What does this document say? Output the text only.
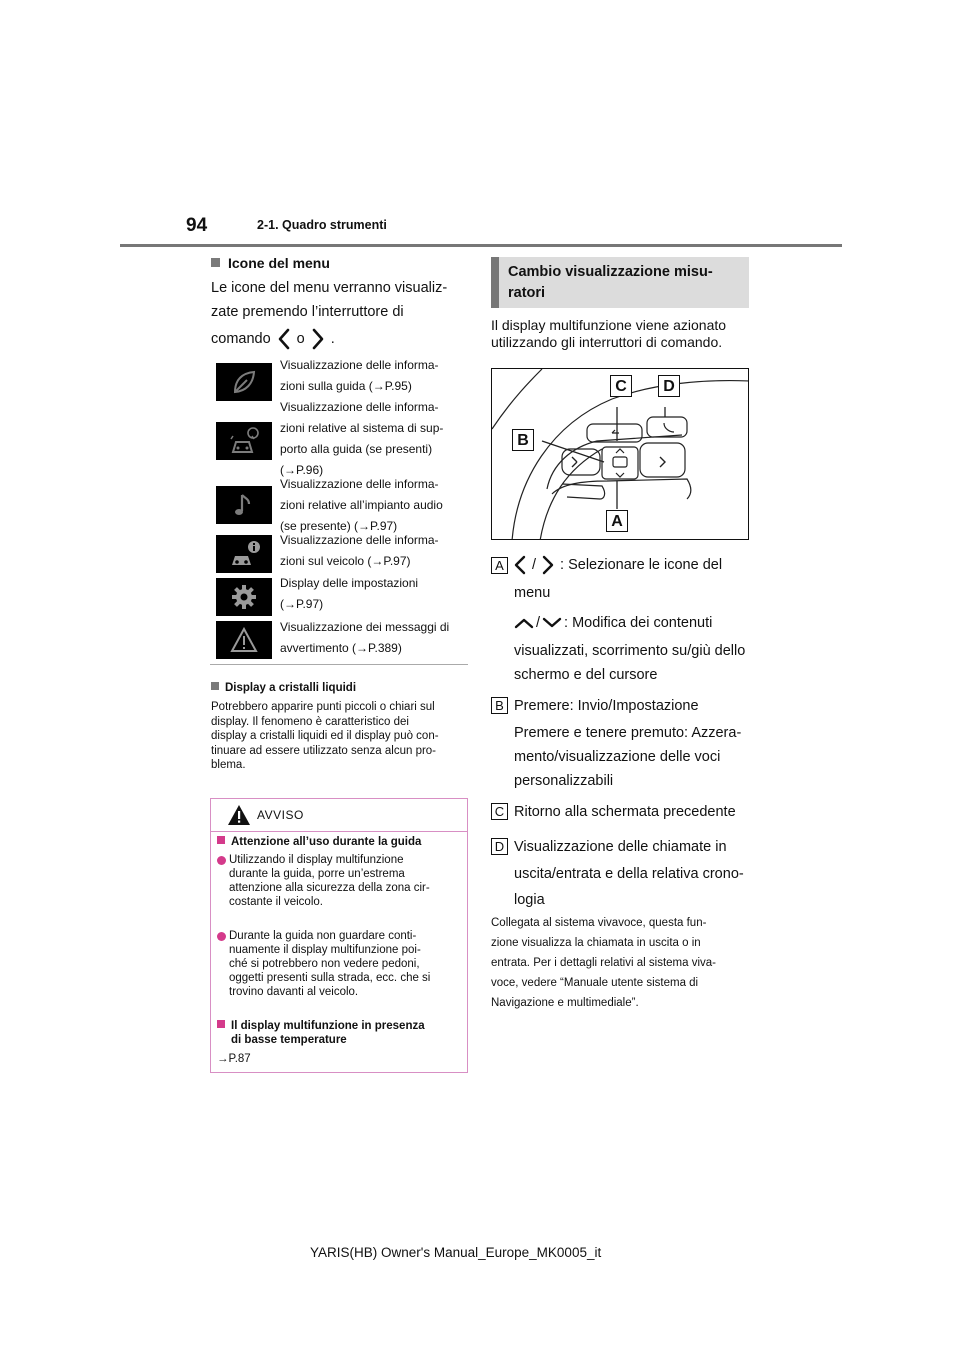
94	2-1. Quadro strumenti
Icone del menu
Le icone del menu verranno visualiz-
zate premendo l’interruttore di
comando o .
Visualizzazione delle informa-
zioni sulla guida (→P.95)
Visualizzazione delle informa-
zioni relative al sistema di sup-
porto alla guida (se presenti)
(→P.96)
Visualizzazione delle informa-
zioni relative all’impianto audio
(se presente) (→P.97)
Visualizzazione delle informa-
zioni sul veicolo (→P.97)
Display delle impostazioni
(→P.97)
Visualizzazione dei messaggi di
avvertimento (→P.389)
Display a cristalli liquidi
Potrebbero apparire punti piccoli o chiari sul
display. Il fenomeno è caratteristico dei
display a cristalli liquidi ed il display può con-
tinuare ad essere utilizzato senza alcun pro-
blema.
AVVISO
Attenzione all’uso durante la guida
Utilizzando il display multifunzione
durante la guida, porre un’estrema
attenzione alla sicurezza della zona cir-
costante il veicolo.
Durante la guida non guardare conti-
nuamente il display multifunzione poi-
ché si potrebbero non vedere pedoni,
oggetti presenti sulla strada, ecc. che si
trovino davanti al veicolo.
Il display multifunzione in presenza
di basse temperature
→P.87
Cambio visualizzazione misu-
ratori
Il display multifunzione viene azionato
utilizzando gli interruttori di comando.
C	D
B
A
A / : Selezionare le icone del
menu
/ : Modifica dei contenuti
visualizzati, scorrimento su/giù dello
schermo e del cursore
B Premere: Invio/Impostazione
Premere e tenere premuto: Azzera-
mento/visualizzazione delle voci
personalizzabili
C Ritorno alla schermata precedente
D Visualizzazione delle chiamate in
uscita/entrata e della relativa crono-
logia
Collegata al sistema vivavoce, questa fun-
zione visualizza la chiamata in uscita o in
entrata. Per i dettagli relativi al sistema viva-
voce, vedere “Manuale utente sistema di
Navigazione e multimediale”.
YARIS(HB) Owner's Manual_Europe_MK0005_it
